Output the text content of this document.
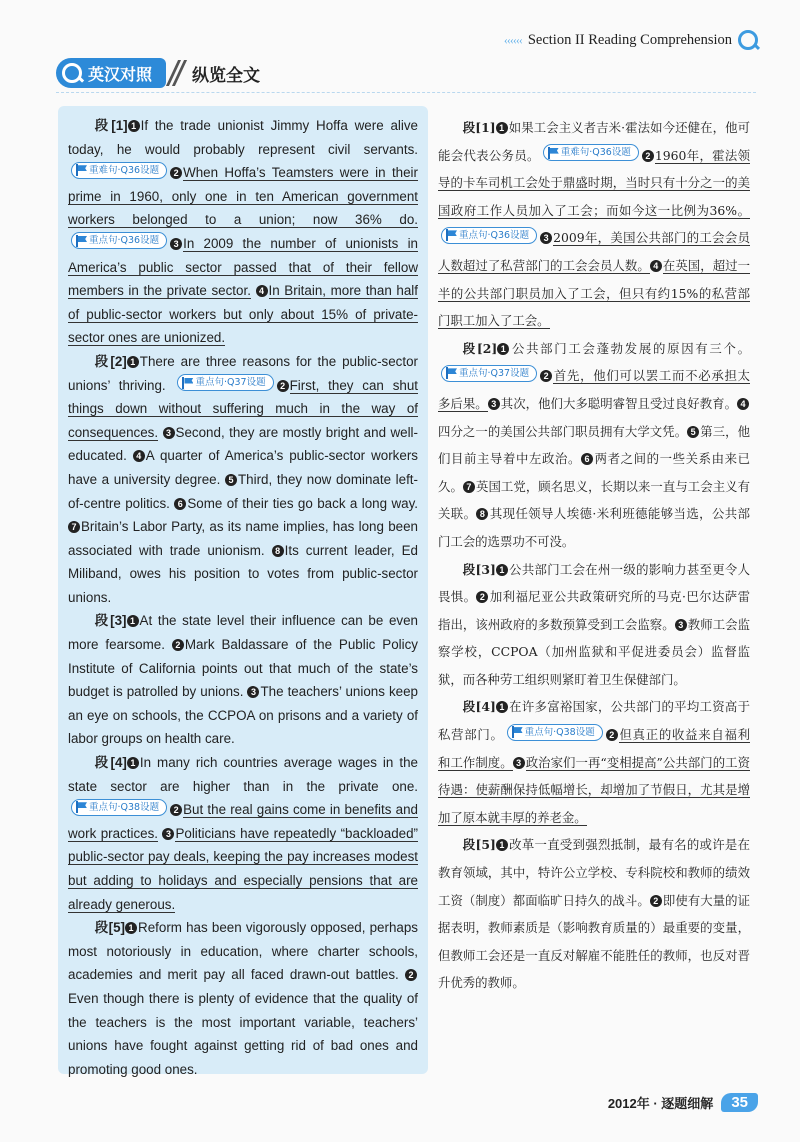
‹‹‹‹‹‹ Section II Reading Comprehension
英汉对照 纵览全文

段[1] 1 If the trade unionist Jimmy Hoffa were alive today, he would probably represent civil servants.
重难句·Q36设题 2 When Hoffa’s Teamsters were in their prime in 1960, only one in ten American government workers belonged to a union; now 36% do.
重点句·Q36设题 3 In 2009 the number of unionists in America’s public sector passed that of their fellow members in the private sector. 4 In Britain, more than half of public-sector workers but only about 15% of private-sector ones are unionized.

段[2] 1 There are three reasons for the public-sector unions’ thriving.	重点句·Q37设题 2 First, they can shut things down without suffering much in the way of consequences. 3 Second, they are mostly bright and well-educated. 4 A quarter of America’s public-sector workers have a university degree. 5 Third, they now dominate left-of-centre politics. 6 Some of their ties go back a long way. 7 Britain’s Labor Party, as its name implies, has long been associated with trade unionism. 8 Its current leader, Ed Miliband, owes his position to votes from public-sector unions.

段[3] 1 At the state level their influence can be even more fearsome. 2 Mark Baldassare of the Public Policy Institute of California points out that much of the state’s budget is patrolled by unions. 3 The teachers’ unions keep an eye on schools, the CCPOA on prisons and a variety of labor groups on health care.

段[4] 1 In many rich countries average wages in the state sector are higher than in the private one.
重点句·Q38设题 2 But the real gains come in benefits and work practices. 3 Politicians have repeatedly “backloaded” public-sector pay deals, keeping the pay increases modest but adding to holidays and especially pensions that are already generous.

段[5] 1 Reform has been vigorously opposed, perhaps most notoriously in education, where charter schools, academies and merit pay all faced drawn-out battles. 2Even though there is plenty of evidence that the quality of the teachers is the most important variable, teachers’ unions have fought against getting rid of bad ones and promoting good ones.

段[1] 1 如果工会主义者吉米·霍法如今还健在，他可能会代表公务员。 重难句·Q36设题 2 1960年，霍法领导的卡车司机工会处于鼎盛时期，当时只有十分之一的美国政府工作人员加入了工会；而如今这一比例为36%。
重点句·Q36设题 3 2009年，美国公共部门的工会会员人数超过了私营部门的工会会员人数。 4 在英国，超过一半的公共部门职员加入了工会，但只有约15%的私营部门职工加入了工会。

段[2] 1 公共部门工会蓬勃发展的原因有三个。
重点句·Q37设题 2 首先，他们可以罢工而不必承担太多后果。 3 其次，他们大多聪明睿智且受过良好教育。 4四分之一的美国公共部门职员拥有大学文凭。 5 第三，他们目前主导着中左政治。 6 两者之间的一些关系由来已久。 7 英国工党，顾名思义，长期以来一直与工会主义有关联。 8 其现任领导人埃德·米利班德能够当选，公共部门工会的选票功不可没。

段[3] 1 公共部门工会在州一级的影响力甚至更令人畏惧。 2 加利福尼亚公共政策研究所的马克·巴尔达萨雷指出，该州政府的多数预算受到工会监察。 3 教师工会监察学校，CCPOA（加州监狱和平促进委员会）监督监狱，而各种劳工组织则紧盯着卫生保健部门。

段[4] 1 在许多富裕国家，公共部门的平均工资高于私营部门。 重点句·Q38设题 2 但真正的收益来自福利和工作制度。 3 政治家们一再“变相提高”公共部门的工资待遇：使薪酬保持低幅增长，却增加了节假日，尤其是增加了原本就丰厚的养老金。

段[5] 1 改革一直受到强烈抵制，最有名的或许是在教育领域，其中，特许公立学校、专科院校和教师的绩效工资（制度）都面临旷日持久的战斗。 2 即使有大量的证据表明，教师素质是（影响教育质量的）最重要的变量，但教师工会还是一直反对解雇不能胜任的教师，也反对晋升优秀的教师。

2012年 · 逐题细解	35
